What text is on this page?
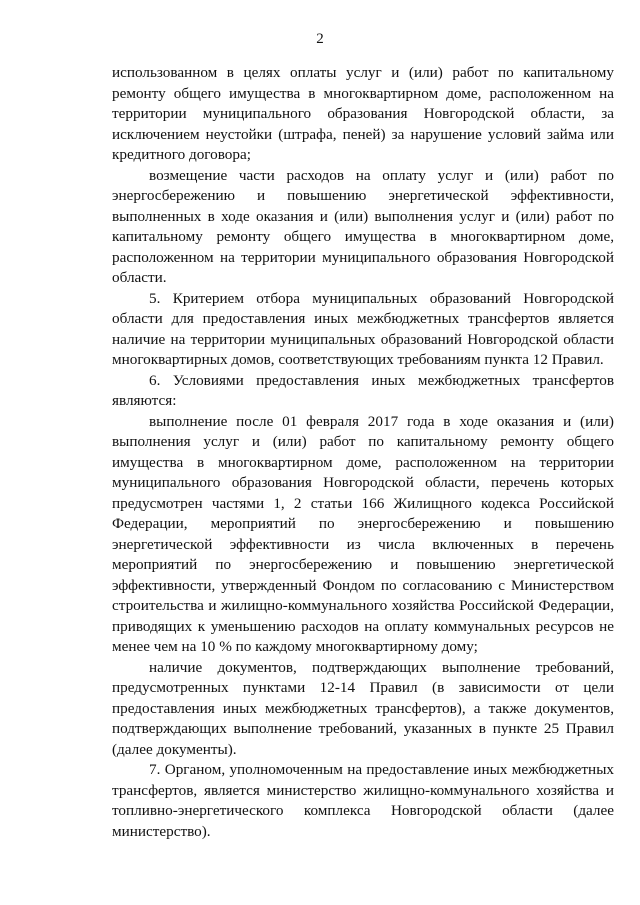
2

использованном в целях оплаты услуг и (или) работ по капитальному ремонту общего имущества в многоквартирном доме, расположенном на территории муниципального образования Новгородской области, за исключением неустойки (штрафа, пеней) за нарушение условий займа или кредитного договора;

возмещение части расходов на оплату услуг и (или) работ по энергосбережению и повышению энергетической эффективности, выполненных в ходе оказания и (или) выполнения услуг и (или) работ по капитальному ремонту общего имущества в многоквартирном доме, расположенном на территории муниципального образования Новгородской области.

5. Критерием отбора муниципальных образований Новгородской области для предоставления иных межбюджетных трансфертов является наличие на территории муниципальных образований Новгородской области многоквартирных домов, соответствующих требованиям пункта 12 Правил.

6. Условиями предоставления иных межбюджетных трансфертов являются:

выполнение после 01 февраля 2017 года в ходе оказания и (или) выполнения услуг и (или) работ по капитальному ремонту общего имущества в многоквартирном доме, расположенном на территории муниципального образования Новгородской области, перечень которых предусмотрен частями 1, 2 статьи 166 Жилищного кодекса Российской Федерации, мероприятий по энергосбережению и повышению энергетической эффективности из числа включенных в перечень мероприятий по энергосбережению и повышению энергетической эффективности, утвержденный Фондом по согласованию с Министерством строительства и жилищно-коммунального хозяйства Российской Федерации, приводящих к уменьшению расходов на оплату коммунальных ресурсов не менее чем на 10 % по каждому многоквартирному дому;

наличие документов, подтверждающих выполнение требований, предусмотренных пунктами 12-14 Правил (в зависимости от цели предоставления иных межбюджетных трансфертов), а также документов, подтверждающих выполнение требований, указанных в пункте 25 Правил (далее документы).

7. Органом, уполномоченным на предоставление иных межбюджетных трансфертов, является министерство жилищно-коммунального хозяйства и топливно-энергетического комплекса Новгородской области (далее министерство).
